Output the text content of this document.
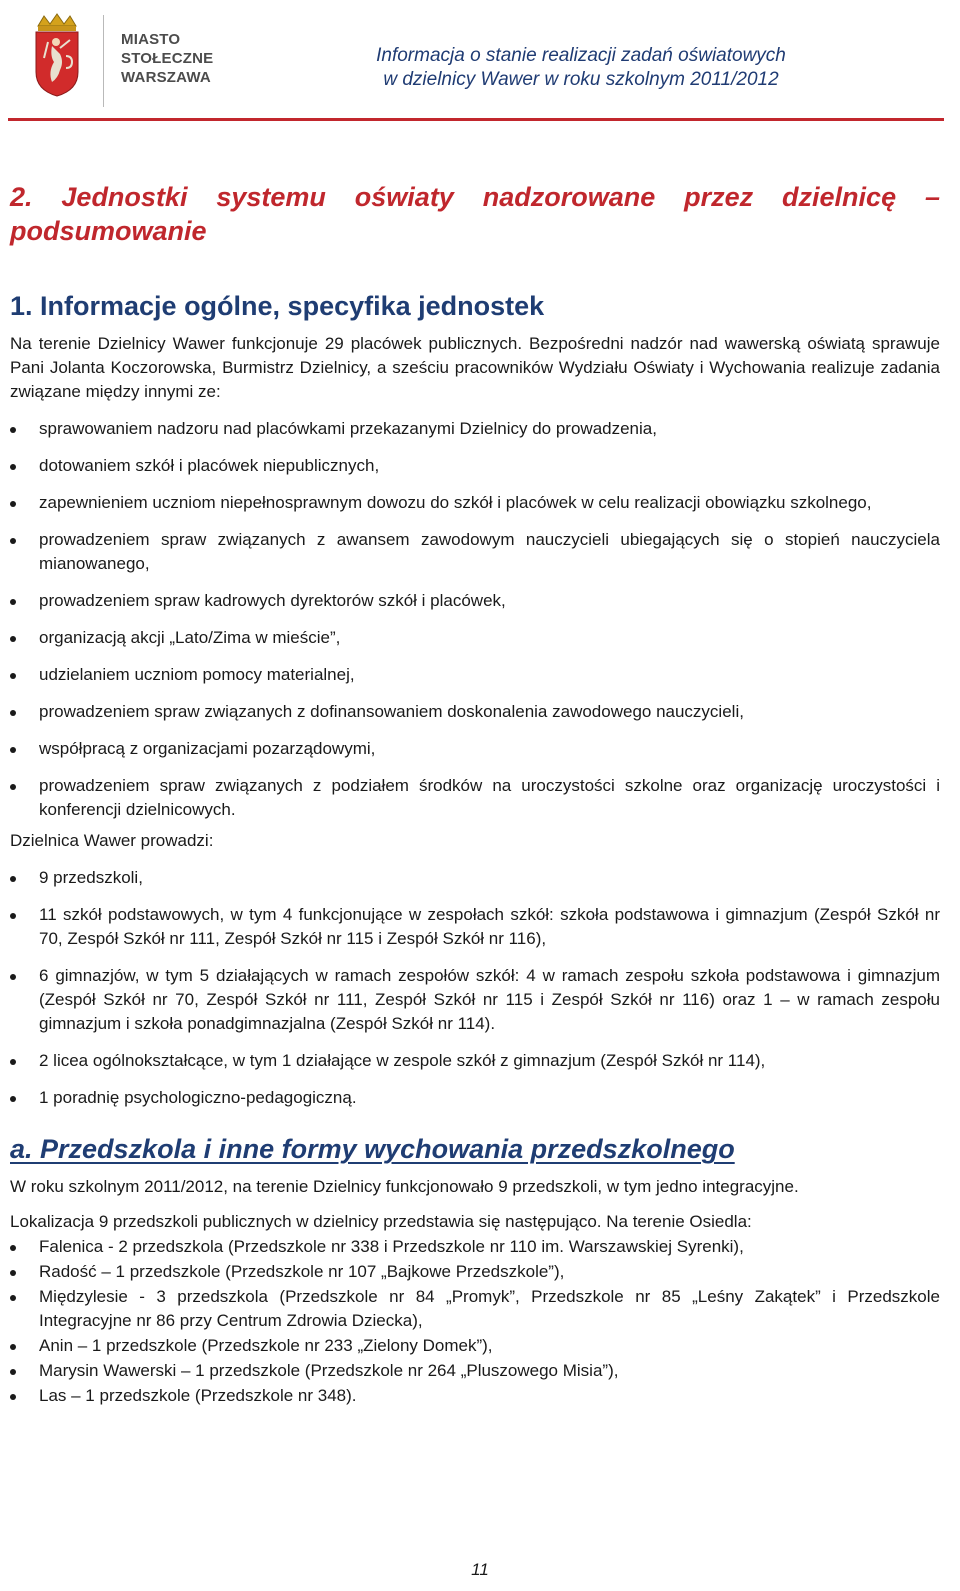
MIASTO
STOŁECZNE
WARSZAWA
Informacja o stanie realizacji zadań oświatowych
w dzielnicy Wawer w roku szkolnym 2011/2012
2. Jednostki systemu oświaty nadzorowane przez dzielnicę – podsumowanie
1. Informacje ogólne, specyfika jednostek

Na terenie Dzielnicy Wawer funkcjonuje 29 placówek publicznych. Bezpośredni nadzór nad wawerską oświatą sprawuje Pani Jolanta Koczorowska, Burmistrz Dzielnicy, a sześciu pracowników Wydziału Oświaty i Wychowania realizuje zadania związane między innymi ze:

sprawowaniem nadzoru nad placówkami przekazanymi Dzielnicy do prowadzenia,
dotowaniem szkół i placówek niepublicznych,
zapewnieniem uczniom niepełnosprawnym dowozu do szkół i placówek w celu realizacji obowiązku szkolnego,
prowadzeniem spraw związanych z awansem zawodowym nauczycieli ubiegających się o stopień nauczyciela mianowanego,
prowadzeniem spraw kadrowych dyrektorów szkół i placówek,
organizacją akcji „Lato/Zima w mieście”,
udzielaniem uczniom pomocy materialnej,
prowadzeniem spraw związanych z dofinansowaniem doskonalenia zawodowego nauczycieli,
współpracą z organizacjami pozarządowymi,
prowadzeniem spraw związanych z podziałem środków na uroczystości szkolne oraz organizację uroczystości i konferencji dzielnicowych.

Dzielnica Wawer prowadzi:

9 przedszkoli,
11 szkół podstawowych, w tym 4 funkcjonujące w zespołach szkół: szkoła podstawowa i gimnazjum (Zespół Szkół nr 70, Zespół Szkół nr 111, Zespół Szkół nr 115 i Zespół Szkół nr 116),
6 gimnazjów, w tym 5 działających w ramach zespołów szkół: 4 w ramach zespołu szkoła podstawowa i gimnazjum (Zespół Szkół nr 70, Zespół Szkół nr 111, Zespół Szkół nr 115 i Zespół Szkół nr 116) oraz 1 – w ramach zespołu gimnazjum i szkoła ponadgimnazjalna (Zespół Szkół nr 114).
2 licea ogólnokształcące, w tym 1 działające w zespole szkół z gimnazjum (Zespół Szkół nr 114),
1 poradnię psychologiczno-pedagogiczną.
a. Przedszkola i inne formy wychowania przedszkolnego

W roku szkolnym 2011/2012, na terenie Dzielnicy funkcjonowało 9 przedszkoli, w tym jedno integracyjne.

Lokalizacja 9 przedszkoli publicznych w dzielnicy przedstawia się następująco. Na terenie Osiedla:

Falenica - 2 przedszkola (Przedszkole nr 338 i Przedszkole nr 110 im. Warszawskiej Syrenki),
Radość – 1 przedszkole (Przedszkole nr 107 „Bajkowe Przedszkole”),
Międzylesie - 3 przedszkola (Przedszkole nr 84 „Promyk”, Przedszkole nr 85 „Leśny Zakątek” i Przedszkole Integracyjne nr 86 przy Centrum Zdrowia Dziecka),
Anin – 1 przedszkole (Przedszkole nr 233 „Zielony Domek”),
Marysin Wawerski – 1 przedszkole (Przedszkole nr 264 „Pluszowego Misia”),
Las – 1 przedszkole (Przedszkole nr 348).
11
